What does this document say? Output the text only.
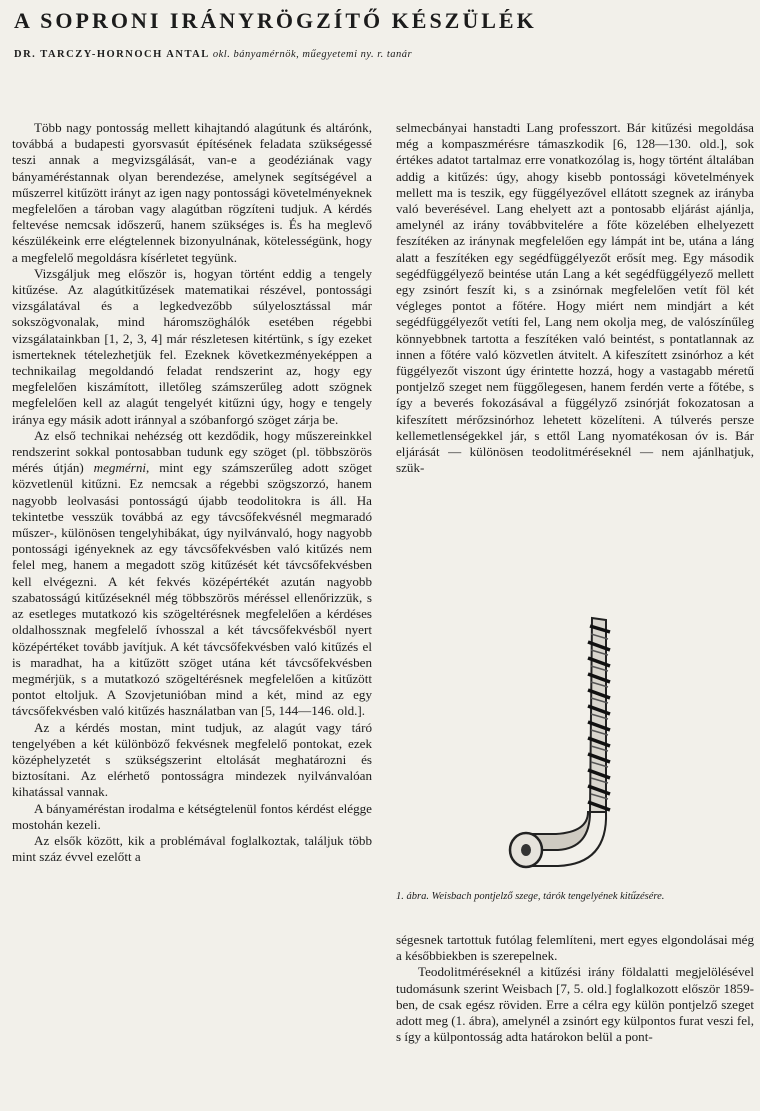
A SOPRONI IRÁNYRÖGZÍTŐ KÉSZÜLÉK
DR. TARCZY-HORNOCH ANTAL okl. bányamérnök, műegyetemi ny. r. tanár

Több nagy pontosság mellett kihajtandó alagútunk és altárónk, továbbá a budapesti gyorsvasút építésének feladata szükségessé teszi annak a megvizsgálását, van-e a geodéziának vagy bányaméréstannak olyan berendezése, amelynek segítségével a műszerrel kitűzött irányt az igen nagy pontossági követelményeknek megfelelően a tároban vagy alagútban rögzíteni tudjuk. A kérdés feltevése nemcsak időszerű, hanem szükséges is. És ha meglevő készülékeink erre elégtelennek bizonyulnának, kötelességünk, hogy a megfelelő megoldásra kísérletet tegyünk.

Vizsgáljuk meg először is, hogyan történt eddig a tengely kitűzése. Az alagútkitűzések matematikai részével, pontossági vizsgálatával és a legkedvezőbb súlyelosztással már sokszögvonalak, mind háromszöghálók esetében régebbi vizsgálatainkban [1, 2, 3, 4] már részletesen kitértünk, s így ezeket ismerteknek tételezhetjük fel. Ezeknek következményeképpen a technikailag megoldandó feladat rendszerint az, hogy egy megfelelően kiszámított, illetőleg számszerűleg adott szögnek megfelelően kell az alagút tengelyét kitűzni úgy, hogy e tengely iránya egy másik adott iránnyal a szóbanforgó szöget zárja be.

Az első technikai nehézség ott kezdődik, hogy műszereinkkel rendszerint sokkal pontosabban tudunk egy szöget (pl. többszörös mérés útján) megmérni, mint egy számszerűleg adott szöget közvetlenül kitűzni. Ez nemcsak a régebbi szögszorzó, hanem nagyobb leolvasási pontosságú újabb teodolitokra is áll. Ha tekintetbe vesszük továbbá az egy távcsőfekvésnél megmaradó műszer-, különösen tengelyhibákat, úgy nyilvánvaló, hogy nagyobb pontossági igényeknek az egy távcsőfekvésben való kitűzés nem felel meg, hanem a megadott szög kitűzését két távcsőfekvésben kell elvégezni. A két fekvés középértékét azután nagyobb szabatosságú kitűzéseknél még többszörös méréssel ellenőrizzük, s az esetleges mutatkozó kis szögeltérésnek megfelelően a kérdéses oldalhossznak megfelelő ívhosszal a két távcsőfekvésből nyert középértéket tovább javítjuk. A két távcsőfekvésben való kitűzés el is maradhat, ha a kitűzött szöget utána két távcsőfekvésben megmérjük, s a mutatkozó szögeltérésnek megfelelően a kitűzött pontot eltoljuk. A Szovjetunióban mind a két, mind az egy távcsőfekvésben való kitűzés használatban van [5, 144—146. old.].

Az a kérdés mostan, mint tudjuk, az alagút vagy táró tengelyében a két különböző fekvésnek megfelelő pontokat, ezek középhelyzetét s szükségszerint eltolását meghatározni és biztosítani. Az elérhető pontosságra mindezek nyilvánvalóan kihatással vannak.

A bányaméréstan irodalma e kétségtelenül fontos kérdést elégge mostohán kezeli.

Az elsők között, kik a problémával foglalkoztak, találjuk több mint száz évvel ezelőtt a

selmecbányai hanstadti Lang professzort. Bár kitűzési megoldása még a kompaszmérésre támaszkodik [6, 128—130. old.], sok értékes adatot tartalmaz erre vonatkozólag is, hogy történt általában addig a kitűzés: úgy, ahogy kisebb pontossági követelmények mellett ma is teszik, egy függélyezővel ellátott szegnek az irányba való beverésével. Lang ehelyett azt a pontosabb eljárást ajánlja, amelynél az irány továbbvitelére a főte közelében elhelyezett feszítéken az iránynak megfelelően egy lámpát int be, utána a láng alatt a feszítéken egy segédfüggélyezőt erősít meg. Egy második segédfüggélyező beintése után Lang a két segédfüggélyező mellett egy zsinórt feszít ki, s a zsinórnak megfelelően vetít föl két végleges pontot a főtére. Hogy miért nem mindjárt a két segédfüggélyezőt vetíti fel, Lang nem okolja meg, de valószínűleg könnyebbnek tartotta a feszítéken való beintést, s pontatlannak az innen a főtére való közvetlen átvitelt. A kifeszített zsinórhoz a két függélyezőt viszont úgy érintette hozzá, hogy a vastagabb méretű pontjelző szeget nem függőlegesen, hanem ferdén verte a főtébe, s így a beverés fokozásával a függélyző zsinórját fokozatosan a kifeszített mérőzsinórhoz lehetett közelíteni. A túlverés persze kellemetlenségekkel jár, s ettől Lang nyomatékosan óv is. Bár eljárását — különösen teodolitméréseknél — nem ajánlhatjuk, szük-

1. ábra. Weisbach pontjelző szege, tárók tengelyének kitűzésére.

ségesnek tartottuk futólag felemlíteni, mert egyes elgondolásai még a későbbiekben is szerepelnek.

Teodolitméréseknél a kitűzési irány földalatti megjelölésével tudomásunk szerint Weisbach [7, 5. old.] foglalkozott először 1859-ben, de csak egész röviden. Erre a célra egy külön pontjelző szeget adott meg (1. ábra), amelynél a zsinórt egy külpontos furat veszi fel, s így a külpontosság adta határokon belül a pont-
